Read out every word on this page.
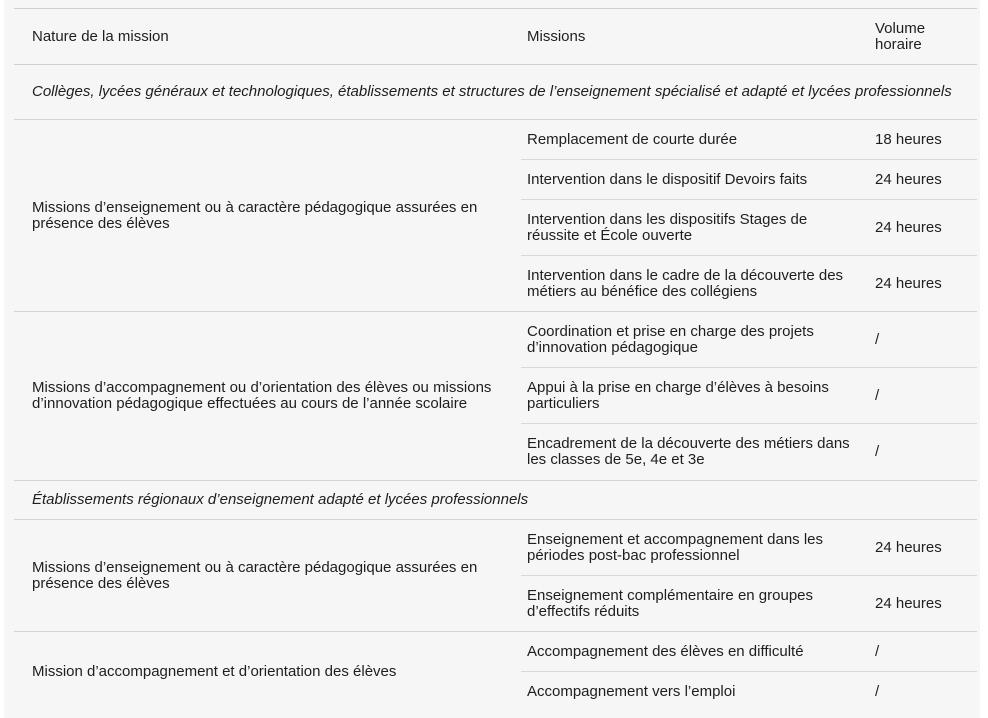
Nature de la mission	Missions	Volume horaire
Collèges, lycées généraux et technologiques, établissements et structures de l’enseignement spécialisé et adapté et lycées professionnels		
Missions d’enseignement ou à caractère pédagogique assurées en présence des élèves	Remplacement de courte durée	18 heures
	Intervention dans le dispositif Devoirs faits	24 heures
	Intervention dans les dispositifs Stages de réussite et École ouverte	24 heures
	Intervention dans le cadre de la découverte des métiers au bénéfice des collégiens	24 heures
Missions d’accompagnement ou d’orientation des élèves ou missions d’innovation pédagogique effectuées au cours de l’année scolaire	Coordination et prise en charge des projets d’innovation pédagogique	/
	Appui à la prise en charge d’élèves à besoins particuliers	/
	Encadrement de la découverte des métiers dans les classes de 5e, 4e et 3e	/
Établissements régionaux d’enseignement adapté et lycées professionnels		
Missions d’enseignement ou à caractère pédagogique assurées en présence des élèves	Enseignement et accompagnement dans les périodes post-bac professionnel	24 heures
	Enseignement complémentaire en groupes d’effectifs réduits	24 heures
Mission d’accompagnement et d’orientation des élèves	Accompagnement des élèves en difficulté	/
	Accompagnement vers l’emploi	/
